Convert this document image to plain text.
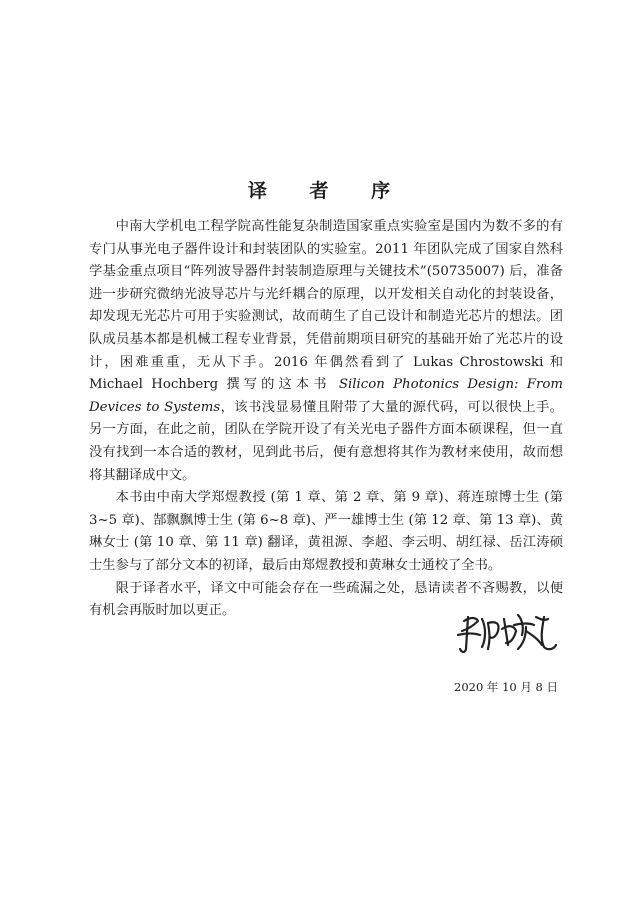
译 者 序

中南大学机电工程学院高性能复杂制造国家重点实验室是国内为数不多的有专门从事光电子器件设计和封装团队的实验室。2011 年团队完成了国家自然科学基金重点项目“阵列波导器件封装制造原理与关键技术”(50735007) 后，准备进一步研究微纳光波导芯片与光纤耦合的原理，以开发相关自动化的封装设备，却发现无光芯片可用于实验测试，故而萌生了自己设计和制造光芯片的想法。团队成员基本都是机械工程专业背景，凭借前期项目研究的基础开始了光芯片的设计，困难重重，无从下手。2016 年偶然看到了 Lukas Chrostowski 和 Michael Hochberg 撰写的这本书 Silicon Photonics Design: From Devices to Systems，该书浅显易懂且附带了大量的源代码，可以很快上手。另一方面，在此之前，团队在学院开设了有关光电子器件方面本硕课程，但一直没有找到一本合适的教材，见到此书后，便有意想将其作为教材来使用，故而想将其翻译成中文。

本书由中南大学郑煜教授 (第 1 章、第 2 章、第 9 章)、蒋连琼博士生 (第 3~5 章)、郜飘飘博士生 (第 6~8 章)、严一雄博士生 (第 12 章、第 13 章)、黄琳女士 (第 10 章、第 11 章) 翻译，黄祖源、李超、李云明、胡红禄、岳江涛硕士生参与了部分文本的初译，最后由郑煜教授和黄琳女士通校了全书。

限于译者水平，译文中可能会存在一些疏漏之处，恳请读者不吝赐教，以便有机会再版时加以更正。

2020 年 10 月 8 日
